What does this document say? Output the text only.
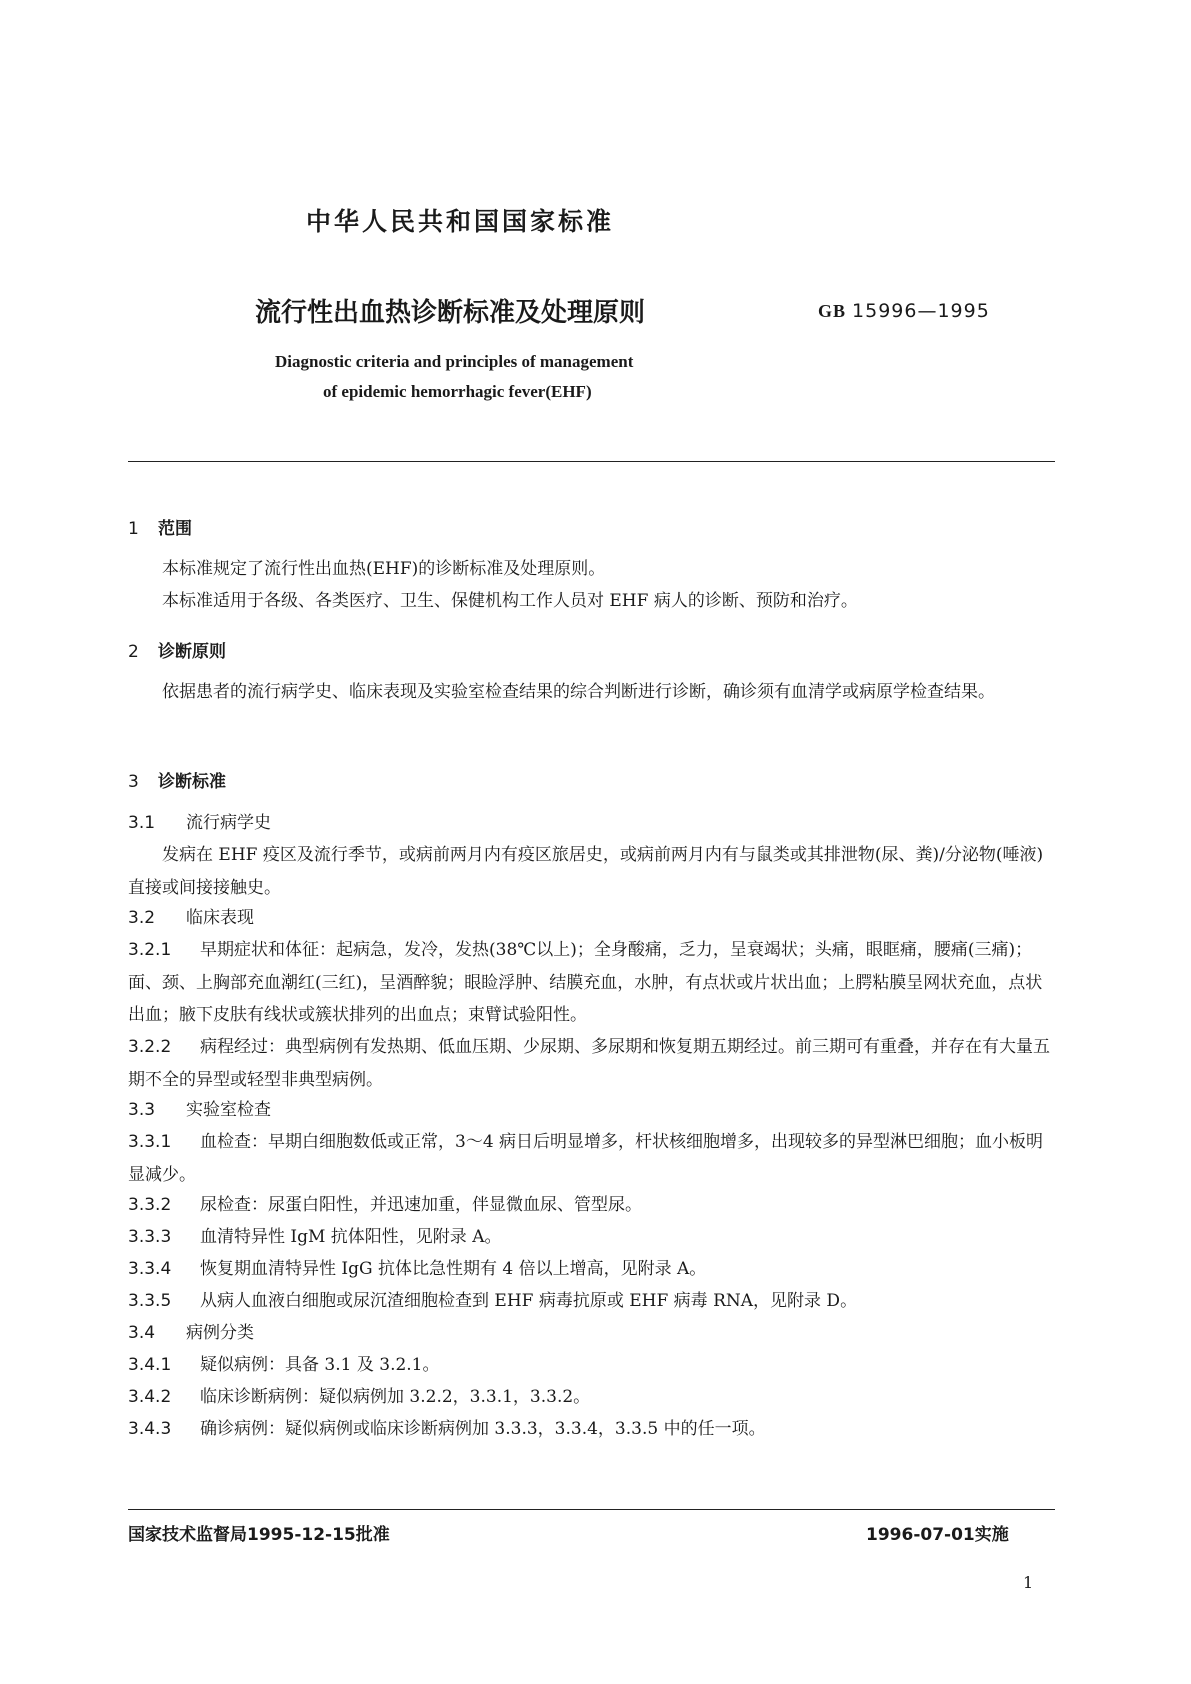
中华人民共和国国家标准
流行性出血热诊断标准及处理原则	GB 15996—1995
Diagnostic criteria and principles of management
of epidemic hemorrhagic fever(EHF)
1 范围
本标准规定了流行性出血热(EHF)的诊断标准及处理原则。
本标准适用于各级、各类医疗、卫生、保健机构工作人员对 EHF 病人的诊断、预防和治疗。
2 诊断原则
依据患者的流行病学史、临床表现及实验室检查结果的综合判断进行诊断，确诊须有血清学或病原学检查结果。
3 诊断标准
3.1 流行病学史
发病在 EHF 疫区及流行季节，或病前两月内有疫区旅居史，或病前两月内有与鼠类或其排泄物(尿、粪)/分泌物(唾液)直接或间接接触史。
3.2 临床表现
3.2.1 早期症状和体征：起病急，发冷，发热(38℃以上)；全身酸痛，乏力，呈衰竭状；头痛，眼眶痛，腰痛(三痛)；面、颈、上胸部充血潮红(三红)，呈酒醉貌；眼睑浮肿、结膜充血，水肿，有点状或片状出血；上腭粘膜呈网状充血，点状出血；腋下皮肤有线状或簇状排列的出血点；束臂试验阳性。
3.2.2 病程经过：典型病例有发热期、低血压期、少尿期、多尿期和恢复期五期经过。前三期可有重叠，并存在有大量五期不全的异型或轻型非典型病例。
3.3 实验室检查
3.3.1 血检查：早期白细胞数低或正常，3～4 病日后明显增多，杆状核细胞增多，出现较多的异型淋巴细胞；血小板明显减少。
3.3.2 尿检查：尿蛋白阳性，并迅速加重，伴显微血尿、管型尿。
3.3.3 血清特异性 IgM 抗体阳性，见附录 A。
3.3.4 恢复期血清特异性 IgG 抗体比急性期有 4 倍以上增高，见附录 A。
3.3.5 从病人血液白细胞或尿沉渣细胞检查到 EHF 病毒抗原或 EHF 病毒 RNA，见附录 D。
3.4 病例分类
3.4.1 疑似病例：具备 3.1 及 3.2.1。
3.4.2 临床诊断病例：疑似病例加 3.2.2，3.3.1，3.3.2。
3.4.3 确诊病例：疑似病例或临床诊断病例加 3.3.3，3.3.4，3.3.5 中的任一项。
国家技术监督局1995-12-15批准	1996-07-01实施
1
